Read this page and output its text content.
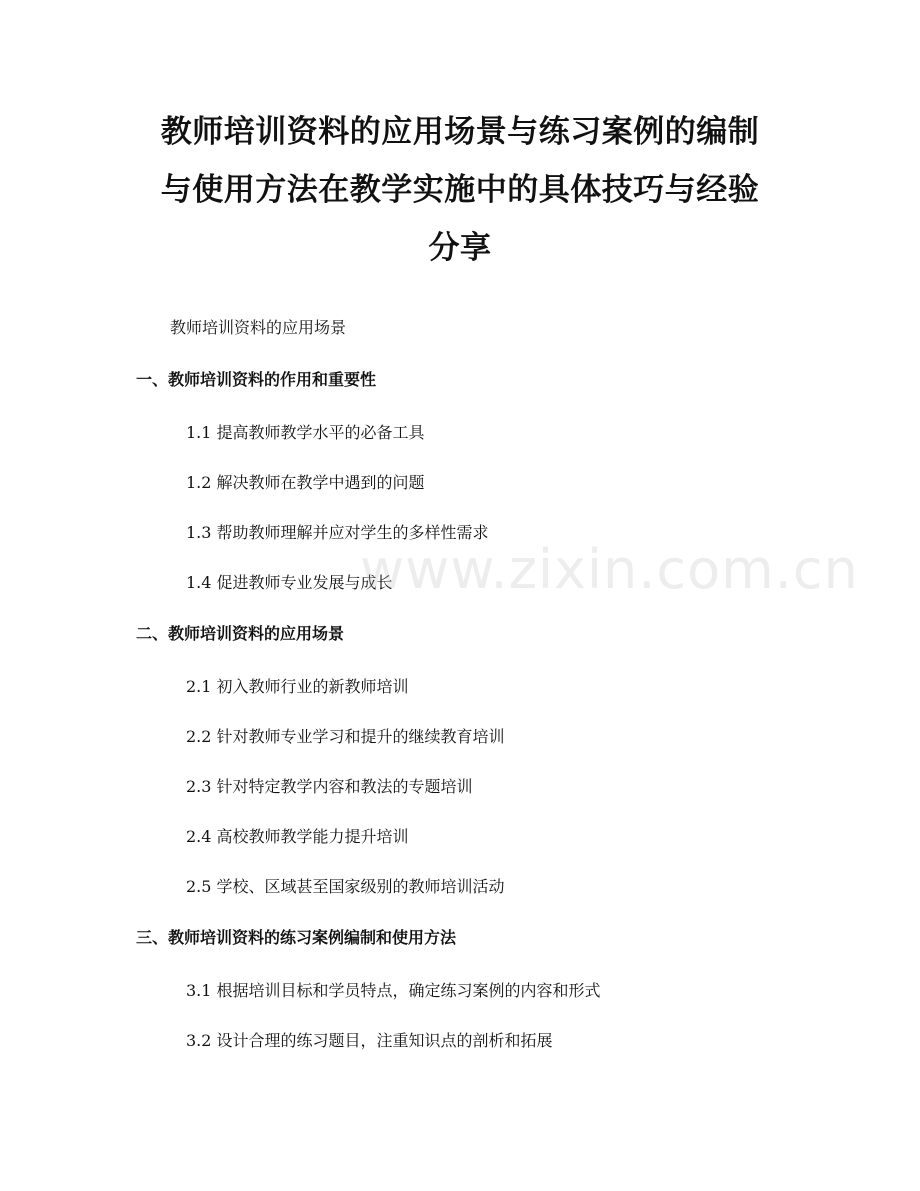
教师培训资料的应用场景与练习案例的编制
与使用方法在教学实施中的具体技巧与经验
分享
教师培训资料的应用场景
一、教师培训资料的作用和重要性
1.1 提高教师教学水平的必备工具
1.2 解决教师在教学中遇到的问题
1.3 帮助教师理解并应对学生的多样性需求
1.4 促进教师专业发展与成长
二、教师培训资料的应用场景
2.1 初入教师行业的新教师培训
2.2 针对教师专业学习和提升的继续教育培训
2.3 针对特定教学内容和教法的专题培训
2.4 高校教师教学能力提升培训
2.5 学校、区域甚至国家级别的教师培训活动
三、教师培训资料的练习案例编制和使用方法
3.1 根据培训目标和学员特点，确定练习案例的内容和形式
3.2 设计合理的练习题目，注重知识点的剖析和拓展
www.zixin.com.cn
